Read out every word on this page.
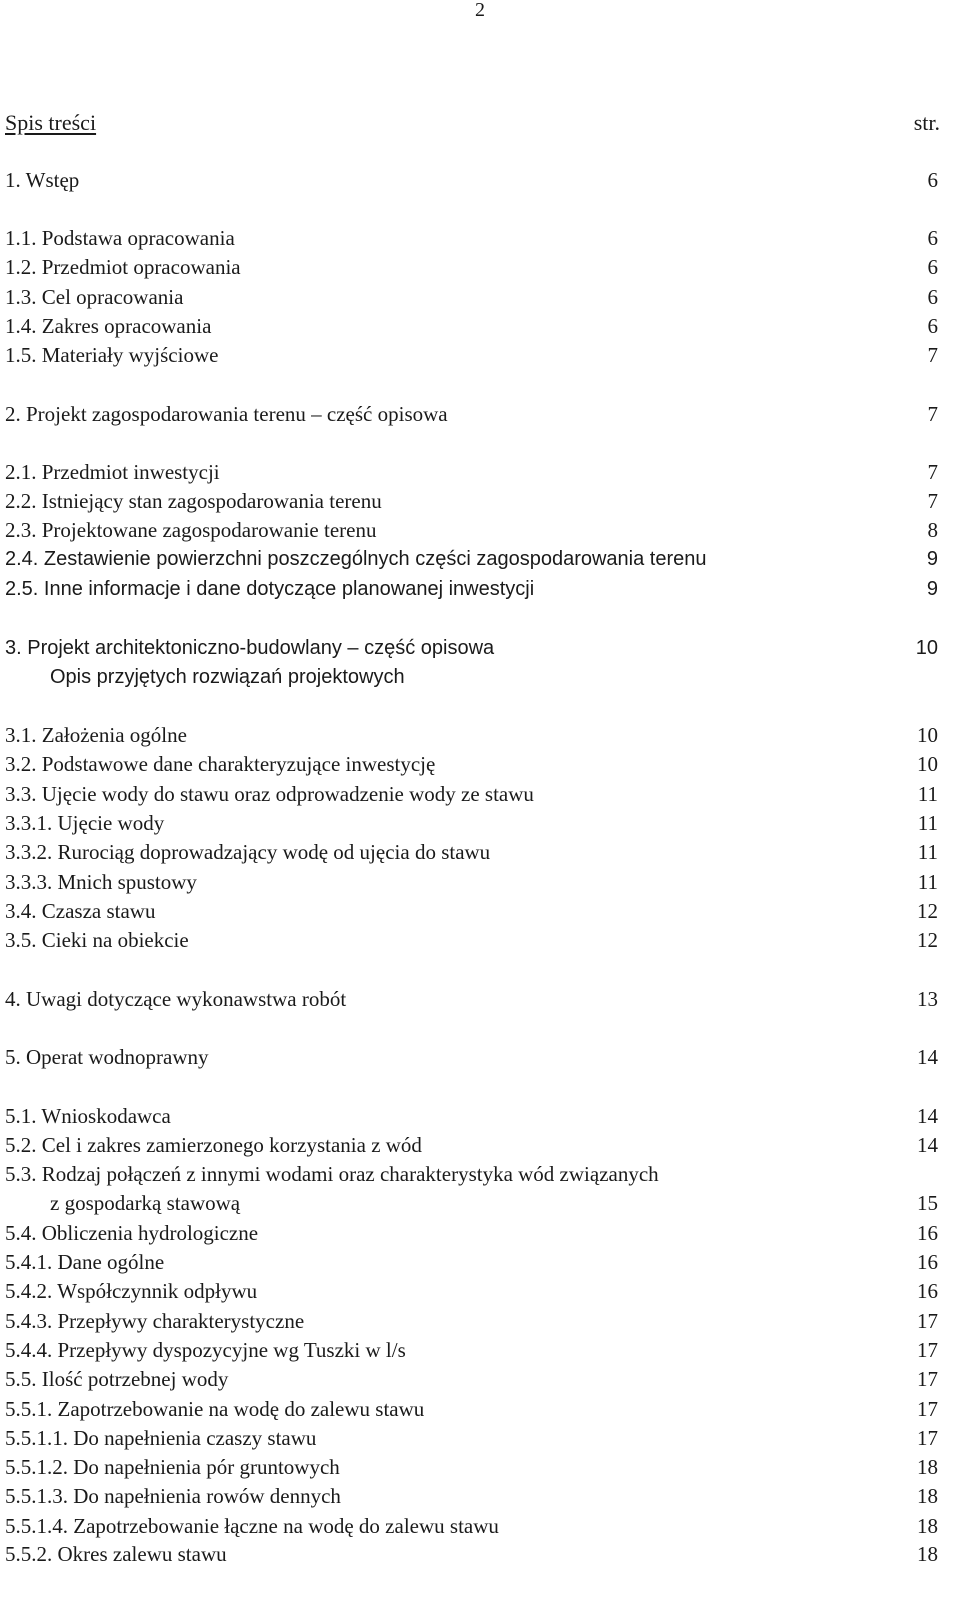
2
Spis treści	str.
1. Wstęp	6
1.1. Podstawa opracowania	6
1.2. Przedmiot opracowania	6
1.3. Cel opracowania	6
1.4. Zakres opracowania	6
1.5. Materiały wyjściowe	7
2. Projekt zagospodarowania terenu – część opisowa	7
2.1. Przedmiot inwestycji	7
2.2. Istniejący stan zagospodarowania terenu	7
2.3. Projektowane zagospodarowanie terenu	8
2.4. Zestawienie powierzchni poszczególnych części zagospodarowania terenu	9
2.5. Inne informacje i dane dotyczące planowanej inwestycji	9
3. Projekt architektoniczno-budowlany – część opisowa	10
Opis przyjętych rozwiązań projektowych
3.1. Założenia ogólne	10
3.2. Podstawowe dane charakteryzujące inwestycję	10
3.3. Ujęcie wody do stawu oraz odprowadzenie wody ze stawu	11
3.3.1. Ujęcie wody	11
3.3.2. Rurociąg doprowadzający wodę od ujęcia do stawu	11
3.3.3. Mnich spustowy	11
3.4. Czasza stawu	12
3.5. Cieki na obiekcie	12
4. Uwagi dotyczące wykonawstwa robót	13
5. Operat wodnoprawny	14
5.1. Wnioskodawca	14
5.2. Cel i zakres zamierzonego korzystania z wód	14
5.3. Rodzaj połączeń z innymi wodami oraz charakterystyka wód związanych
z gospodarką stawową	15
5.4. Obliczenia hydrologiczne	16
5.4.1. Dane ogólne	16
5.4.2. Współczynnik odpływu	16
5.4.3. Przepływy charakterystyczne	17
5.4.4. Przepływy dyspozycyjne wg Tuszki w l/s	17
5.5. Ilość potrzebnej wody	17
5.5.1. Zapotrzebowanie na wodę do zalewu stawu	17
5.5.1.1. Do napełnienia czaszy stawu	17
5.5.1.2. Do napełnienia pór gruntowych	18
5.5.1.3. Do napełnienia rowów dennych	18
5.5.1.4. Zapotrzebowanie łączne na wodę do zalewu stawu	18
5.5.2. Okres zalewu stawu	18
